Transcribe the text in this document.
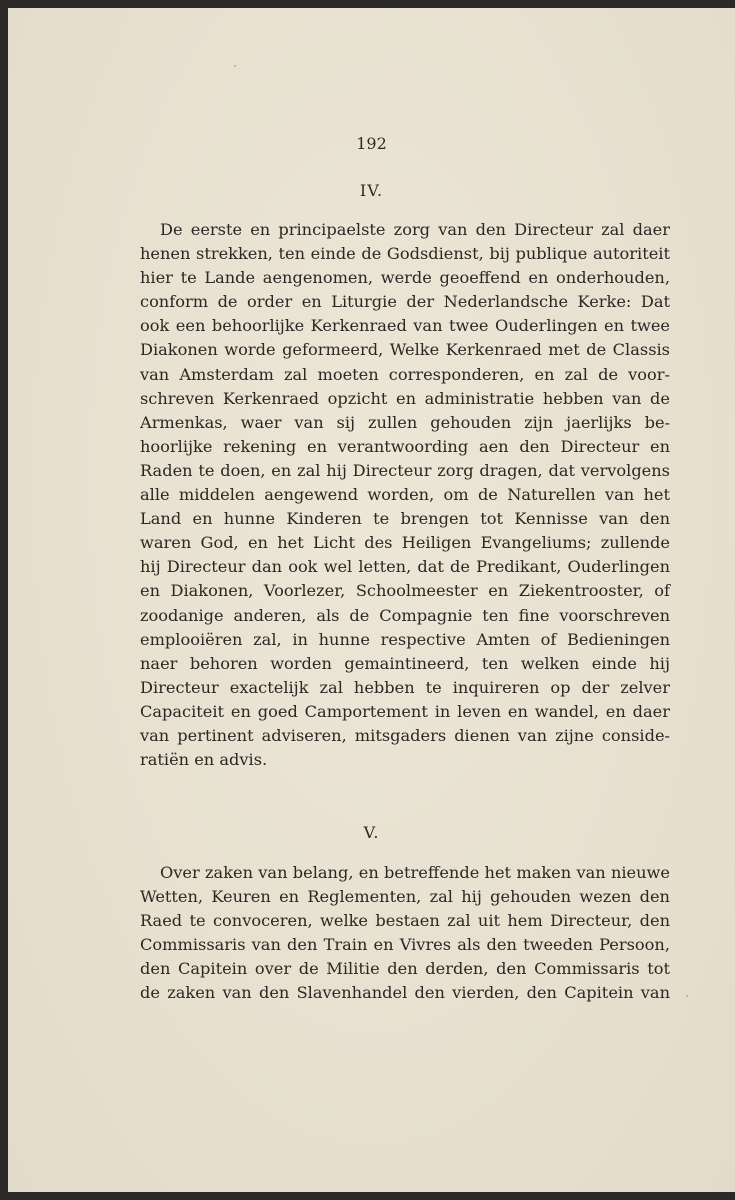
192
IV.
De eerste en principaelste zorg van den Directeur zal daer
henen strekken, ten einde de Godsdienst, bij publique autoriteit
hier te Lande aengenomen, werde geoeffend en onderhouden,
conform de order en Liturgie der Nederlandsche Kerke: Dat
ook een behoorlijke Kerkenraed van twee Ouderlingen en twee
Diakonen worde geformeerd, Welke Kerkenraed met de Classis
van Amsterdam zal moeten corresponderen, en zal de voor-
schreven Kerkenraed opzicht en administratie hebben van de
Armenkas, waer van sij zullen gehouden zijn jaerlijks be-
hoorlijke rekening en verantwoording aen den Directeur en
Raden te doen, en zal hij Directeur zorg dragen, dat vervolgens
alle middelen aengewend worden, om de Naturellen van het
Land en hunne Kinderen te brengen tot Kennisse van den
waren God, en het Licht des Heiligen Evangeliums; zullende
hij Directeur dan ook wel letten, dat de Predikant, Ouderlingen
en Diakonen, Voorlezer, Schoolmeester en Ziekentrooster, of
zoodanige anderen, als de Compagnie ten fine voorschreven
emplooiëren zal, in hunne respective Amten of Bedieningen
naer behoren worden gemaintineerd, ten welken einde hij
Directeur exactelijk zal hebben te inquireren op der zelver
Capaciteit en goed Camportement in leven en wandel, en daer
van pertinent adviseren, mitsgaders dienen van zijne conside-
ratiën en advis.
V.
Over zaken van belang, en betreffende het maken van nieuwe
Wetten, Keuren en Reglementen, zal hij gehouden wezen den
Raed te convoceren, welke bestaen zal uit hem Directeur, den
Commissaris van den Train en Vivres als den tweeden Persoon,
den Capitein over de Militie den derden, den Commissaris tot
de zaken van den Slavenhandel den vierden, den Capitein van
